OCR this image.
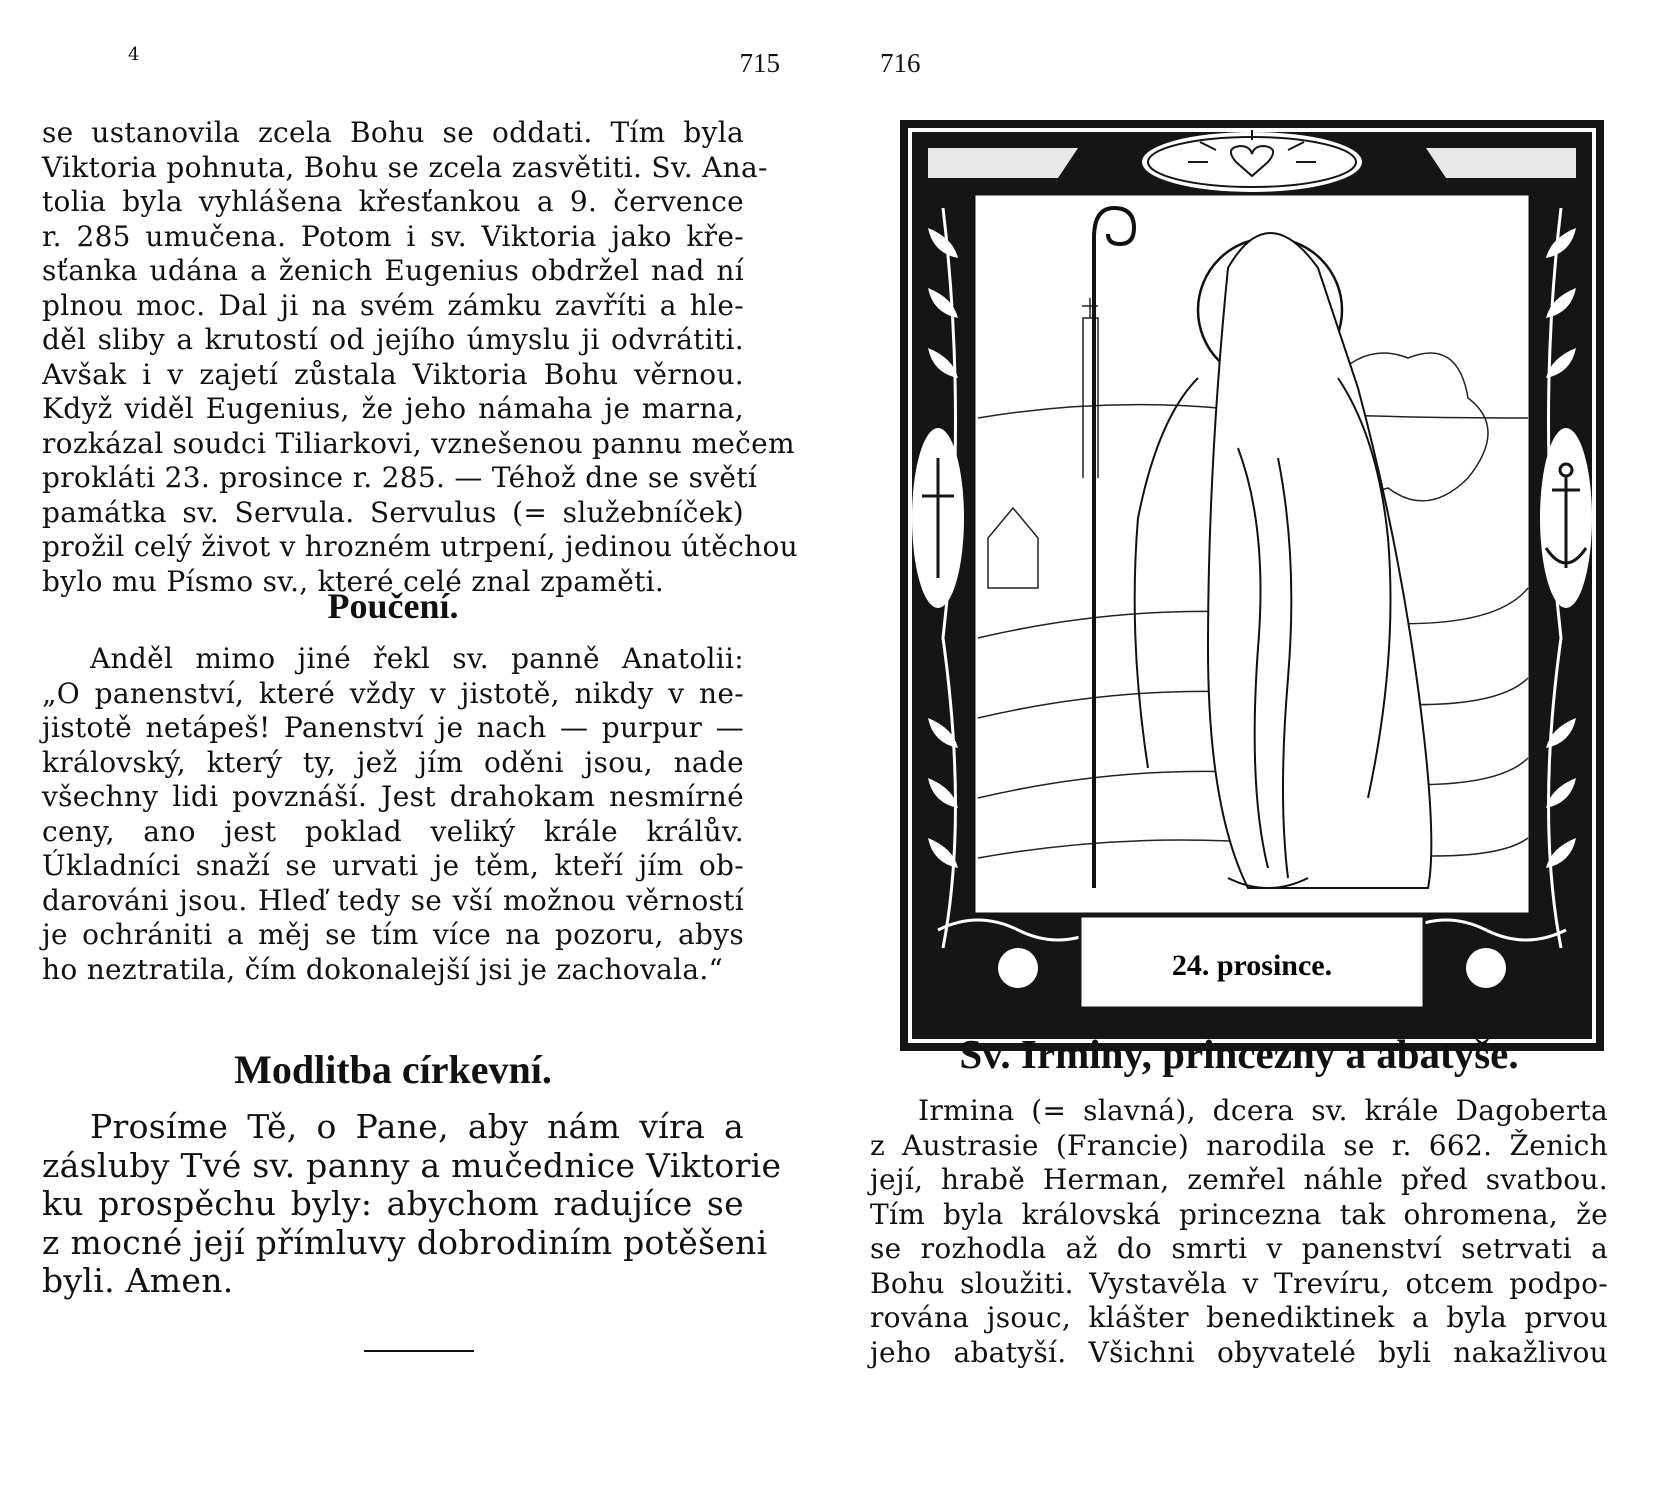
4	715
se ustanovila zcela Bohu se oddati. Tím byla
Viktoria pohnuta, Bohu se zcela zasvětiti. Sv. Ana-
tolia byla vyhlášena křesťankou a 9. července
r. 285 umučena. Potom i sv. Viktoria jako kře-
sťanka udána a ženich Eugenius obdržel nad ní
plnou moc. Dal ji na svém zámku zavříti a hle-
děl sliby a krutostí od jejího úmyslu ji odvrátiti.
Avšak i v zajetí zůstala Viktoria Bohu věrnou.
Když viděl Eugenius, že jeho námaha je marna,
rozkázal soudci Tiliarkovi, vznešenou pannu mečem
prokláti 23. prosince r. 285. — Téhož dne se světí
památka sv. Servula. Servulus (= služebníček)
prožil celý život v hrozném utrpení, jedinou útěchou
bylo mu Písmo sv., které celé znal zpaměti.
Poučení.
Anděl mimo jiné řekl sv. panně Anatolii:
„O panenství, které vždy v jistotě, nikdy v ne-
jistotě netápeš! Panenství je nach — purpur —
královský, který ty, jež jím oděni jsou, nade
všechny lidi povznáší. Jest drahokam nesmírné
ceny, ano jest poklad veliký krále králův.
Úkladníci snaží se urvati je těm, kteří jím ob-
darováni jsou. Hleď tedy se vší možnou věrností
je ochrániti a měj se tím více na pozoru, abys
ho neztratila, čím dokonalejší jsi je zachovala.“
Modlitba církevní.
Prosíme Tě, o Pane, aby nám víra a
zásluby Tvé sv. panny a mučednice Viktorie
ku prospěchu byly: abychom radujíce se
z mocné její přímluvy dobrodiním potěšeni
byli. Amen.
716
24. prosince.
Sv. Irminy, princezny a abatyše.
Irmina (= slavná), dcera sv. krále Dagoberta
z Austrasie (Francie) narodila se r. 662. Ženich
její, hrabě Herman, zemřel náhle před svatbou.
Tím byla královská princezna tak ohromena, že
se rozhodla až do smrti v panenství setrvati a
Bohu sloužiti. Vystavěla v Trevíru, otcem podpo-
rována jsouc, klášter benediktinek a byla prvou
jeho abatyší. Všichni obyvatelé byli nakažlivou
